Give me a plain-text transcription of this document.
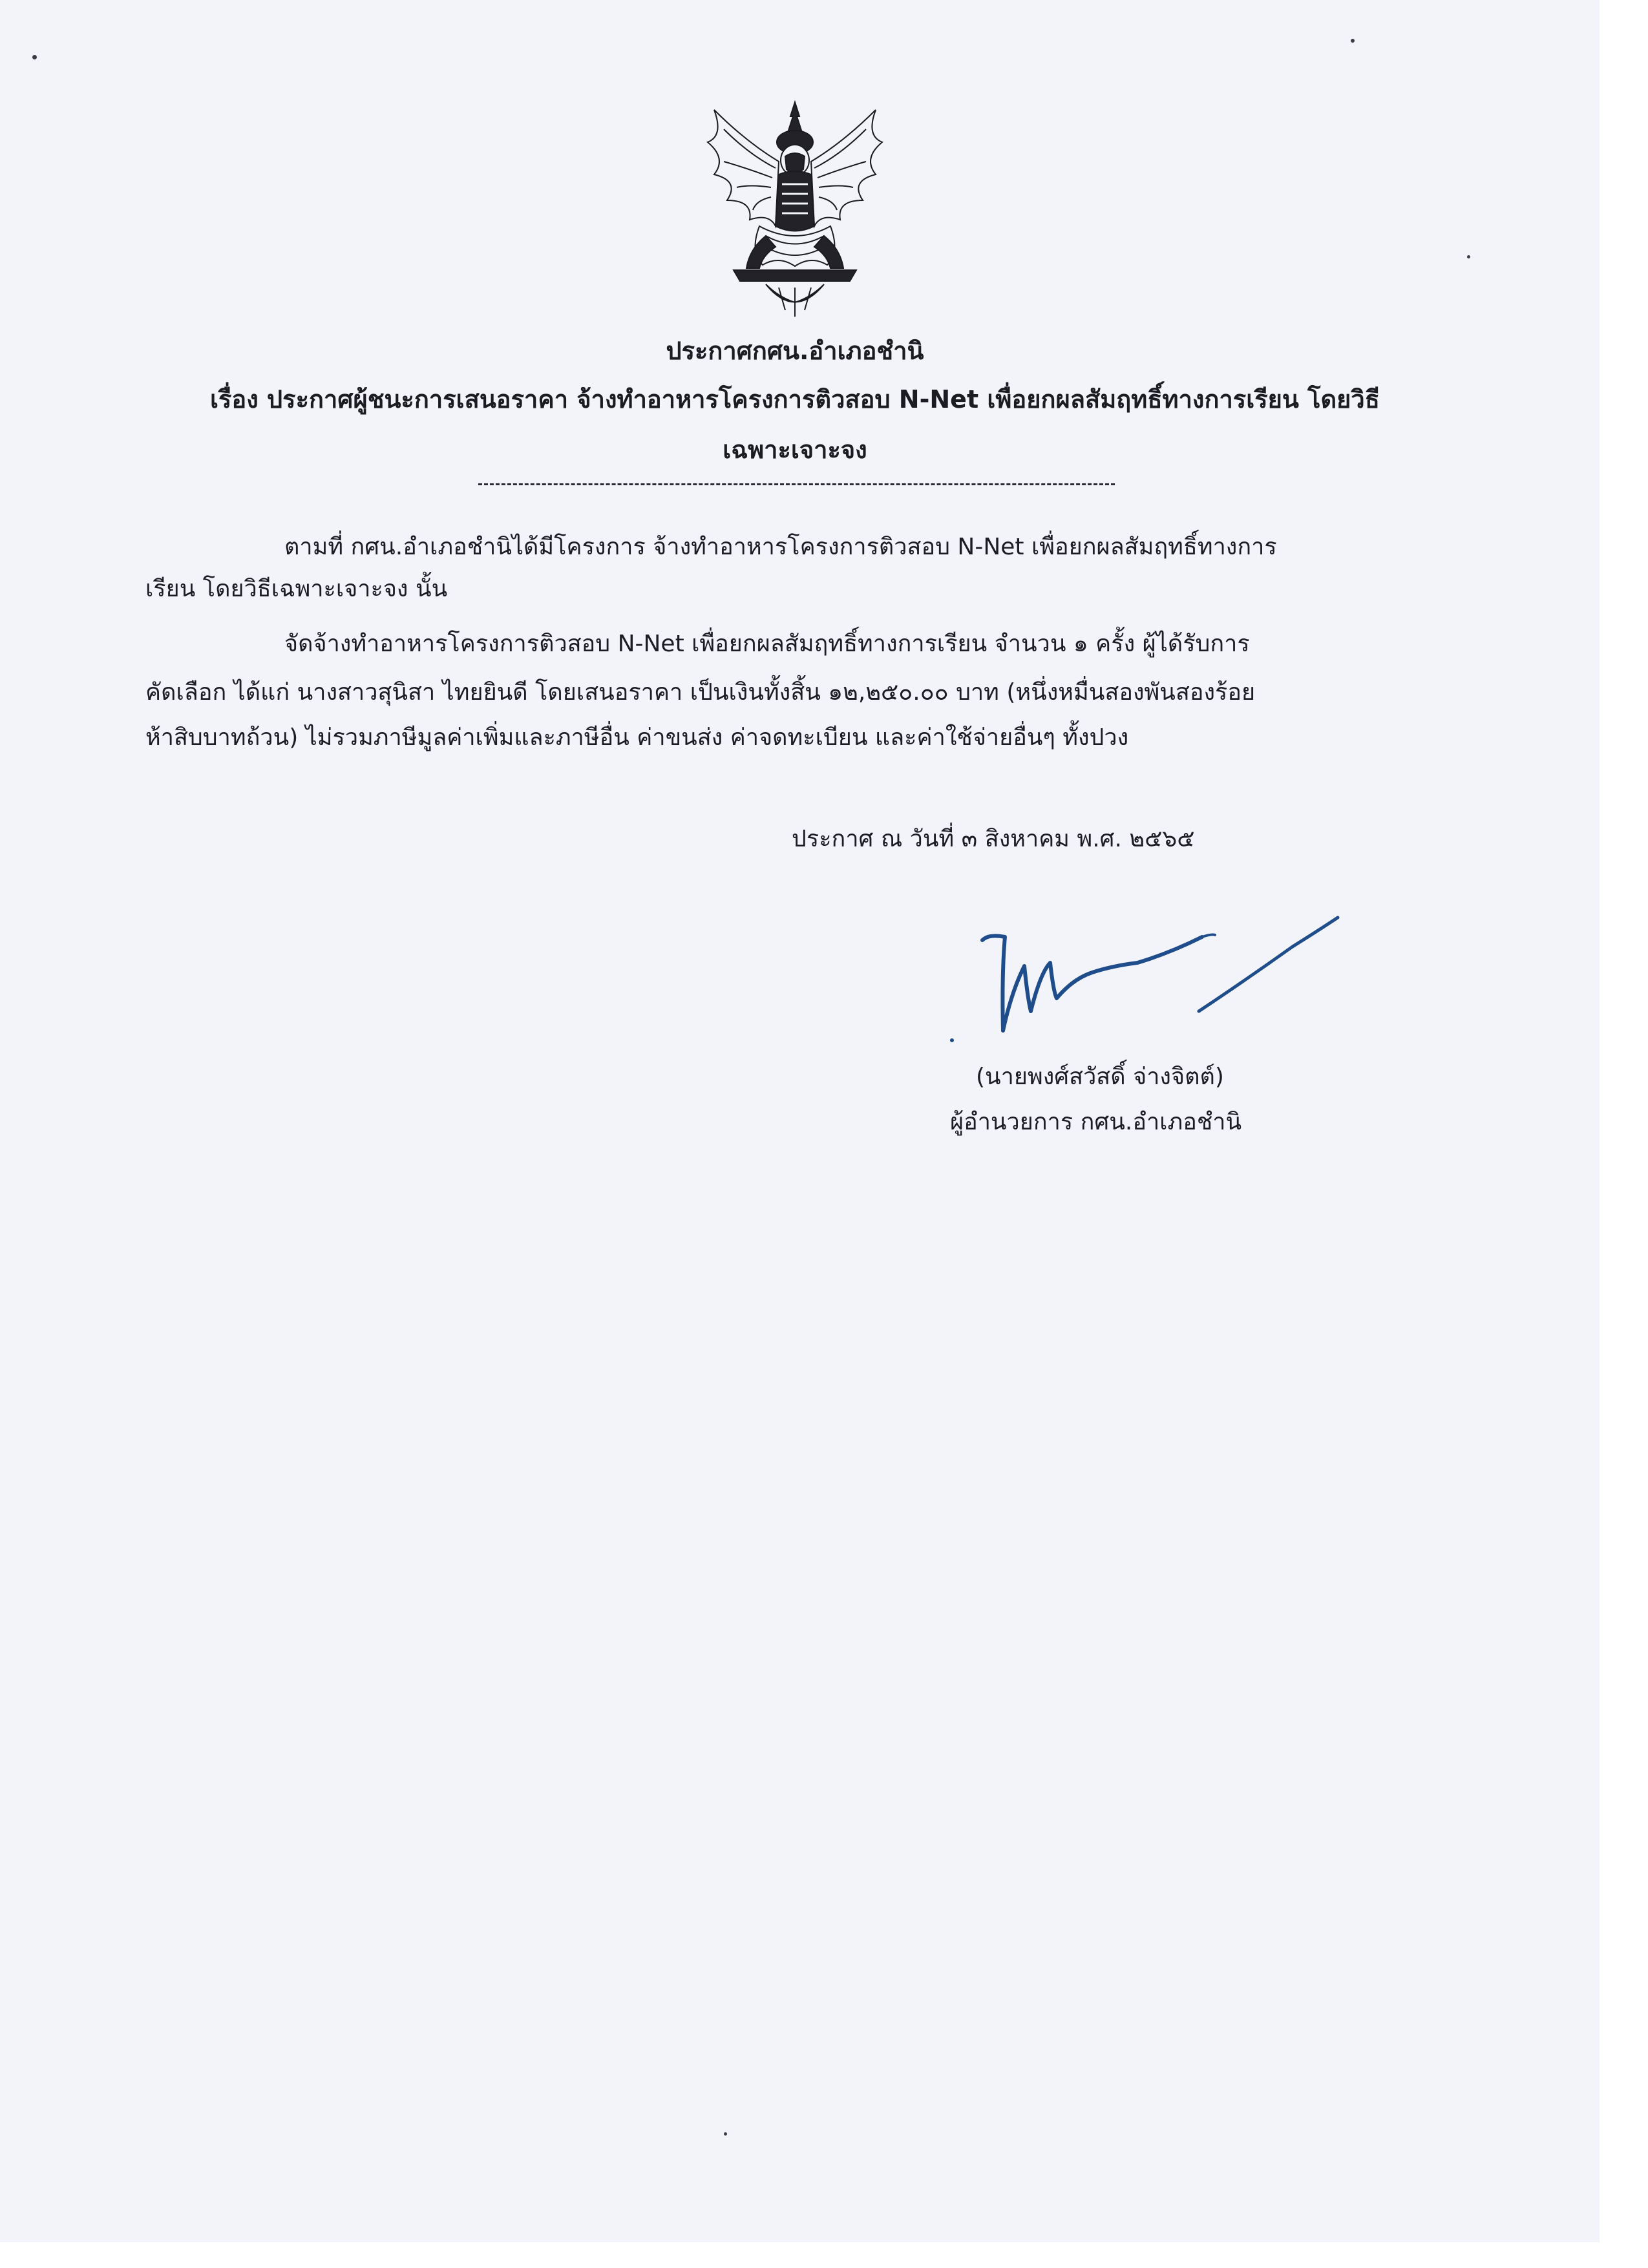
ประกาศกศน.อำเภอชำนิ
เรื่อง ประกาศผู้ชนะการเสนอราคา จ้างทำอาหารโครงการติวสอบ N-Net เพื่อยกผลสัมฤทธิ์ทางการเรียน โดยวิธี
เฉพาะเจาะจง
ตามที่ กศน.อำเภอชำนิได้มีโครงการ จ้างทำอาหารโครงการติวสอบ N-Net เพื่อยกผลสัมฤทธิ์ทางการ
เรียน โดยวิธีเฉพาะเจาะจง นั้น
จัดจ้างทำอาหารโครงการติวสอบ N-Net เพื่อยกผลสัมฤทธิ์ทางการเรียน จำนวน ๑ ครั้ง ผู้ได้รับการ
คัดเลือก ได้แก่ นางสาวสุนิสา ไทยยินดี โดยเสนอราคา เป็นเงินทั้งสิ้น ๑๒,๒๕๐.๐๐ บาท (หนึ่งหมื่นสองพันสองร้อย
ห้าสิบบาทถ้วน) ไม่รวมภาษีมูลค่าเพิ่มและภาษีอื่น ค่าขนส่ง ค่าจดทะเบียน และค่าใช้จ่ายอื่นๆ ทั้งปวง
ประกาศ ณ วันที่ ๓ สิงหาคม พ.ศ. ๒๕๖๕
(นายพงศ์สวัสดิ์ จ่างจิตต์)
ผู้อำนวยการ กศน.อำเภอชำนิ
